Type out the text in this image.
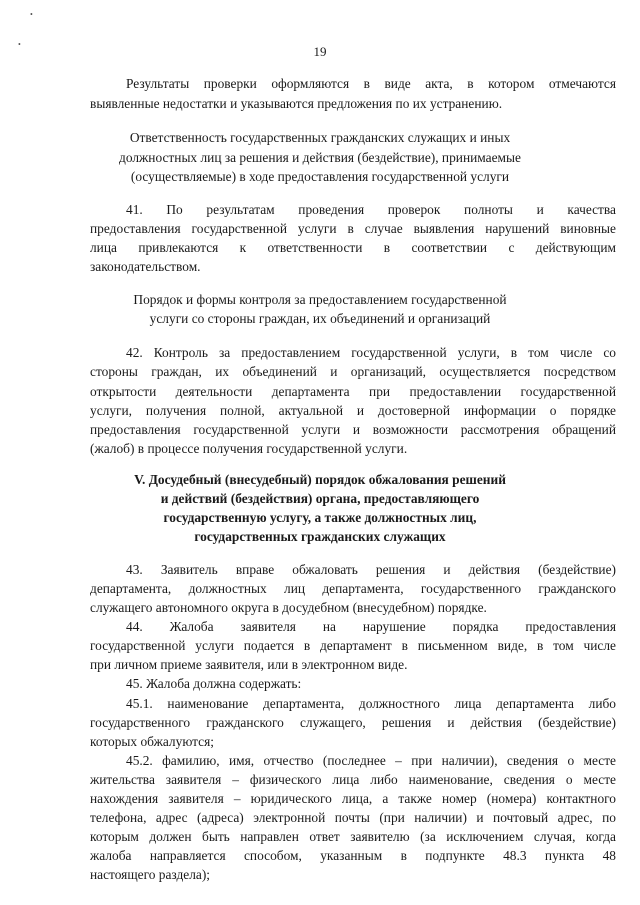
•
•	19
Результаты проверки оформляются в виде акта, в котором отмечаются
выявленные недостатки и указываются предложения по их устранению.
Ответственность государственных гражданских служащих и иных
должностных лиц за решения и действия (бездействие), принимаемые
(осуществляемые) в ходе предоставления государственной услуги
41. По результатам проведения проверок полноты и качества
предоставления государственной услуги в случае выявления нарушений виновные
лица привлекаются к ответственности в соответствии с действующим
законодательством.
Порядок и формы контроля за предоставлением государственной
услуги со стороны граждан, их объединений и организаций
42. Контроль за предоставлением государственной услуги, в том числе со
стороны граждан, их объединений и организаций, осуществляется посредством
открытости деятельности департамента при предоставлении государственной
услуги, получения полной, актуальной и достоверной информации о порядке
предоставления государственной услуги и возможности рассмотрения обращений
(жалоб) в процессе получения государственной услуги.
V. Досудебный (внесудебный) порядок обжалования решений
и действий (бездействия) органа, предоставляющего
государственную услугу, а также должностных лиц,
государственных гражданских служащих
43. Заявитель вправе обжаловать решения и действия (бездействие)
департамента, должностных лиц департамента, государственного гражданского
служащего автономного округа в досудебном (внесудебном) порядке.
44. Жалоба заявителя на нарушение порядка предоставления
государственной услуги подается в департамент в письменном виде, в том числе
при личном приеме заявителя, или в электронном виде.
45. Жалоба должна содержать:
45.1. наименование департамента, должностного лица департамента либо
государственного гражданского служащего, решения и действия (бездействие)
которых обжалуются;
45.2. фамилию, имя, отчество (последнее – при наличии), сведения о месте
жительства заявителя – физического лица либо наименование, сведения о месте
нахождения заявителя – юридического лица, а также номер (номера) контактного
телефона, адрес (адреса) электронной почты (при наличии) и почтовый адрес, по
которым должен быть направлен ответ заявителю (за исключением случая, когда
жалоба направляется способом, указанным в подпункте 48.3 пункта 48
настоящего раздела);
